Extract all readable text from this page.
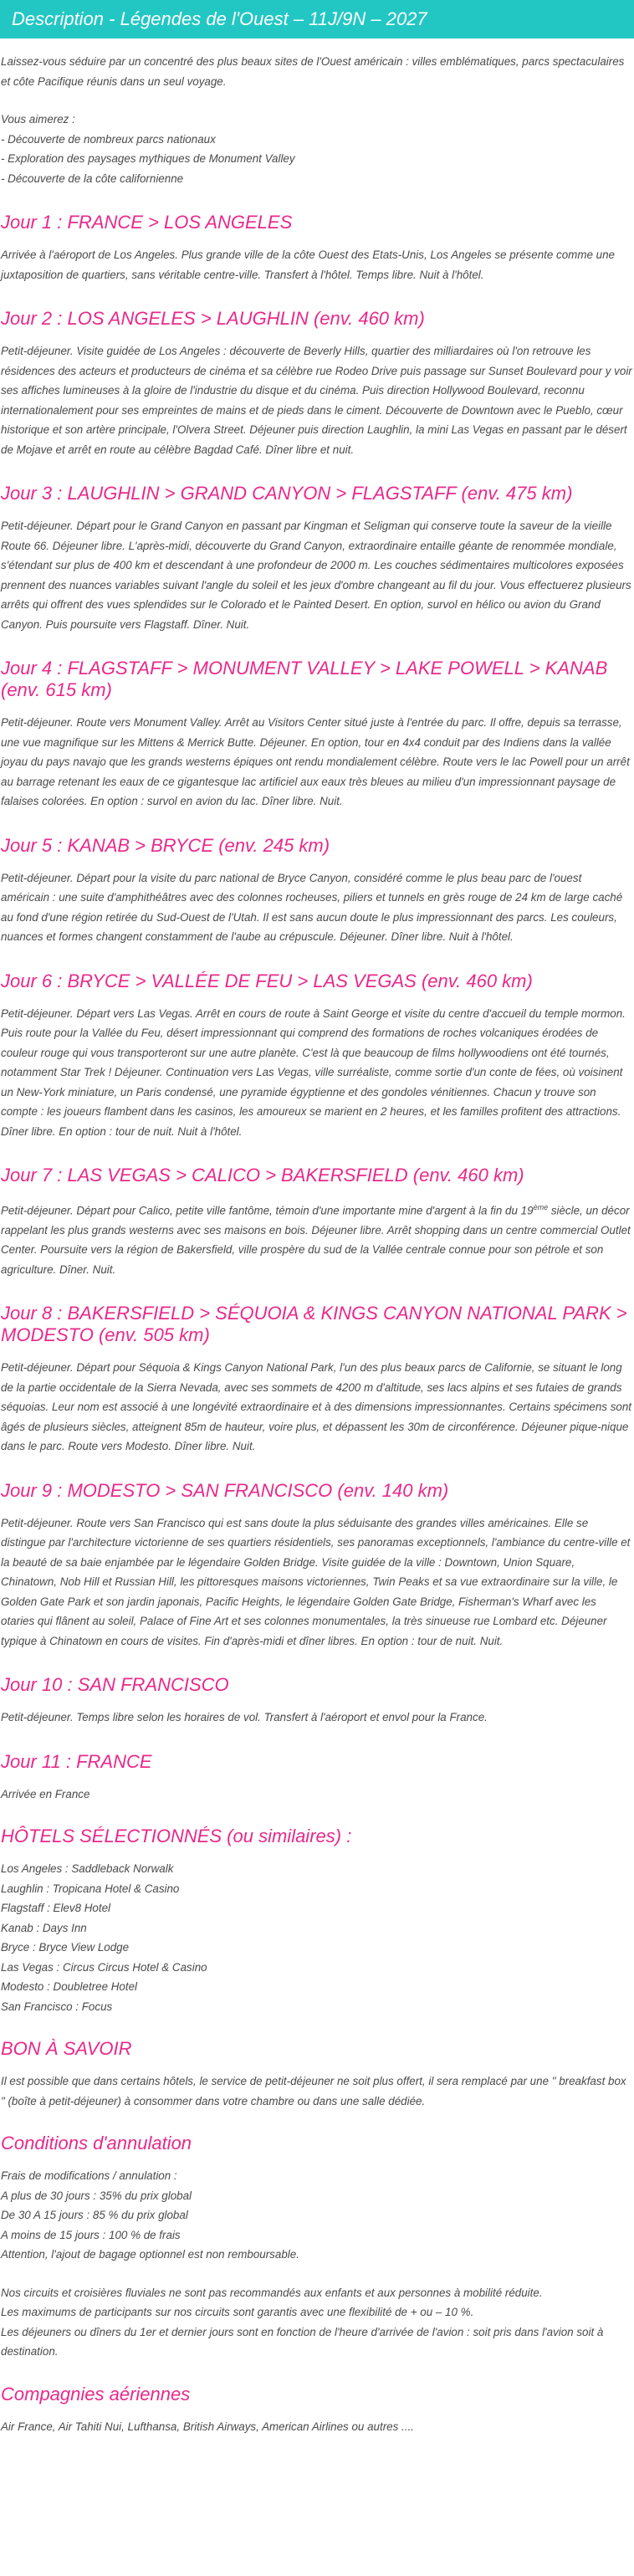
Description - Légendes de l'Ouest – 11J/9N – 2027

Laissez-vous séduire par un concentré des plus beaux sites de l'Ouest américain : villes emblématiques, parcs spectaculaires et côte Pacifique réunis dans un seul voyage.

Vous aimerez :

- Découverte de nombreux parcs nationaux

- Exploration des paysages mythiques de Monument Valley

- Découverte de la côte californienne

Jour 1 : FRANCE > LOS ANGELES

Arrivée à l'aéroport de Los Angeles. Plus grande ville de la côte Ouest des Etats-Unis, Los Angeles se présente comme une juxtaposition de quartiers, sans véritable centre-ville. Transfert à l'hôtel. Temps libre. Nuit à l'hôtel.

Jour 2 : LOS ANGELES > LAUGHLIN (env. 460 km)

Petit-déjeuner. Visite guidée de Los Angeles : découverte de Beverly Hills, quartier des milliardaires où l'on retrouve les résidences des acteurs et producteurs de cinéma et sa célèbre rue Rodeo Drive puis passage sur Sunset Boulevard pour y voir ses affiches lumineuses à la gloire de l'industrie du disque et du cinéma. Puis direction Hollywood Boulevard, reconnu internationalement pour ses empreintes de mains et de pieds dans le ciment. Découverte de Downtown avec le Pueblo, cœur historique et son artère principale, l'Olvera Street. Déjeuner puis direction Laughlin, la mini Las Vegas en passant par le désert de Mojave et arrêt en route au célèbre Bagdad Café. Dîner libre et nuit.

Jour 3 : LAUGHLIN > GRAND CANYON > FLAGSTAFF (env. 475 km)

Petit-déjeuner. Départ pour le Grand Canyon en passant par Kingman et Seligman qui conserve toute la saveur de la vieille Route 66. Déjeuner libre. L'après-midi, découverte du Grand Canyon, extraordinaire entaille géante de renommée mondiale, s'étendant sur plus de 400 km et descendant à une profondeur de 2000 m. Les couches sédimentaires multicolores exposées prennent des nuances variables suivant l'angle du soleil et les jeux d'ombre changeant au fil du jour. Vous effectuerez plusieurs arrêts qui offrent des vues splendides sur le Colorado et le Painted Desert. En option, survol en hélico ou avion du Grand Canyon. Puis poursuite vers Flagstaff. Dîner. Nuit.

Jour 4 : FLAGSTAFF > MONUMENT VALLEY > LAKE POWELL > KANAB (env. 615 km)

Petit-déjeuner. Route vers Monument Valley. Arrêt au Visitors Center situé juste à l'entrée du parc. Il offre, depuis sa terrasse, une vue magnifique sur les Mittens & Merrick Butte. Déjeuner. En option, tour en 4x4 conduit par des Indiens dans la vallée joyau du pays navajo que les grands westerns épiques ont rendu mondialement célèbre. Route vers le lac Powell pour un arrêt au barrage retenant les eaux de ce gigantesque lac artificiel aux eaux très bleues au milieu d'un impressionnant paysage de falaises colorées. En option : survol en avion du lac. Dîner libre. Nuit.

Jour 5 : KANAB > BRYCE (env. 245 km)

Petit-déjeuner. Départ pour la visite du parc national de Bryce Canyon, considéré comme le plus beau parc de l'ouest américain : une suite d'amphithéâtres avec des colonnes rocheuses, piliers et tunnels en grès rouge de 24 km de large caché au fond d'une région retirée du Sud-Ouest de l'Utah. Il est sans aucun doute le plus impressionnant des parcs. Les couleurs, nuances et formes changent constamment de l'aube au crépuscule. Déjeuner. Dîner libre. Nuit à l'hôtel.

Jour 6 : BRYCE > VALLÉE DE FEU > LAS VEGAS (env. 460 km)

Petit-déjeuner. Départ vers Las Vegas. Arrêt en cours de route à Saint George et visite du centre d'accueil du temple mormon. Puis route pour la Vallée du Feu, désert impressionnant qui comprend des formations de roches volcaniques érodées de couleur rouge qui vous transporteront sur une autre planète. C'est là que beaucoup de films hollywoodiens ont été tournés, notamment Star Trek ! Déjeuner. Continuation vers Las Vegas, ville surréaliste, comme sortie d'un conte de fées, où voisinent un New-York miniature, un Paris condensé, une pyramide égyptienne et des gondoles vénitiennes. Chacun y trouve son compte : les joueurs flambent dans les casinos, les amoureux se marient en 2 heures, et les familles profitent des attractions. Dîner libre. En option : tour de nuit. Nuit à l'hôtel.

Jour 7 : LAS VEGAS > CALICO > BAKERSFIELD (env. 460 km)

Petit-déjeuner. Départ pour Calico, petite ville fantôme, témoin d'une importante mine d'argent à la fin du 19ème siècle, un décor rappelant les plus grands westerns avec ses maisons en bois. Déjeuner libre. Arrêt shopping dans un centre commercial Outlet Center. Poursuite vers la région de Bakersfield, ville prospère du sud de la Vallée centrale connue pour son pétrole et son agriculture. Dîner. Nuit.

Jour 8 : BAKERSFIELD > SÉQUOIA & KINGS CANYON NATIONAL PARK > MODESTO (env. 505 km)

Petit-déjeuner. Départ pour Séquoia & Kings Canyon National Park, l'un des plus beaux parcs de Californie, se situant le long de la partie occidentale de la Sierra Nevada, avec ses sommets de 4200 m d'altitude, ses lacs alpins et ses futaies de grands séquoias. Leur nom est associé à une longévité extraordinaire et à des dimensions impressionnantes. Certains spécimens sont âgés de plusieurs siècles, atteignent 85m de hauteur, voire plus, et dépassent les 30m de circonférence. Déjeuner pique-nique dans le parc. Route vers Modesto. Dîner libre. Nuit.

Jour 9 : MODESTO > SAN FRANCISCO (env. 140 km)

Petit-déjeuner. Route vers San Francisco qui est sans doute la plus séduisante des grandes villes américaines. Elle se distingue par l'architecture victorienne de ses quartiers résidentiels, ses panoramas exceptionnels, l'ambiance du centre-ville et la beauté de sa baie enjambée par le légendaire Golden Bridge. Visite guidée de la ville : Downtown, Union Square, Chinatown, Nob Hill et Russian Hill, les pittoresques maisons victoriennes, Twin Peaks et sa vue extraordinaire sur la ville, le Golden Gate Park et son jardin japonais, Pacific Heights, le légendaire Golden Gate Bridge, Fisherman's Wharf avec les otaries qui flânent au soleil, Palace of Fine Art et ses colonnes monumentales, la très sinueuse rue Lombard etc. Déjeuner typique à Chinatown en cours de visites. Fin d'après-midi et dîner libres. En option : tour de nuit. Nuit.

Jour 10 : SAN FRANCISCO

Petit-déjeuner. Temps libre selon les horaires de vol. Transfert à l'aéroport et envol pour la France.

Jour 11 : FRANCE

Arrivée en France

HÔTELS SÉLECTIONNÉS (ou similaires) :

Los Angeles : Saddleback Norwalk

Laughlin : Tropicana Hotel & Casino

Flagstaff : Elev8 Hotel

Kanab : Days Inn

Bryce : Bryce View Lodge

Las Vegas : Circus Circus Hotel & Casino

Modesto : Doubletree Hotel

San Francisco : Focus

BON À SAVOIR

Il est possible que dans certains hôtels, le service de petit-déjeuner ne soit plus offert, il sera remplacé par une " breakfast box " (boîte à petit-déjeuner) à consommer dans votre chambre ou dans une salle dédiée.

Conditions d'annulation

Frais de modifications / annulation :

A plus de 30 jours : 35% du prix global

De 30 A 15 jours : 85 % du prix global

A moins de 15 jours : 100 % de frais

Attention, l'ajout de bagage optionnel est non remboursable.

Nos circuits et croisières fluviales ne sont pas recommandés aux enfants et aux personnes à mobilité réduite.

Les maximums de participants sur nos circuits sont garantis avec une flexibilité de + ou – 10 %.

Les déjeuners ou dîners du 1er et dernier jours sont en fonction de l'heure d'arrivée de l'avion : soit pris dans l'avion soit à destination.

Compagnies aériennes

Air France, Air Tahiti Nui, Lufthansa, British Airways, American Airlines ou autres ....
